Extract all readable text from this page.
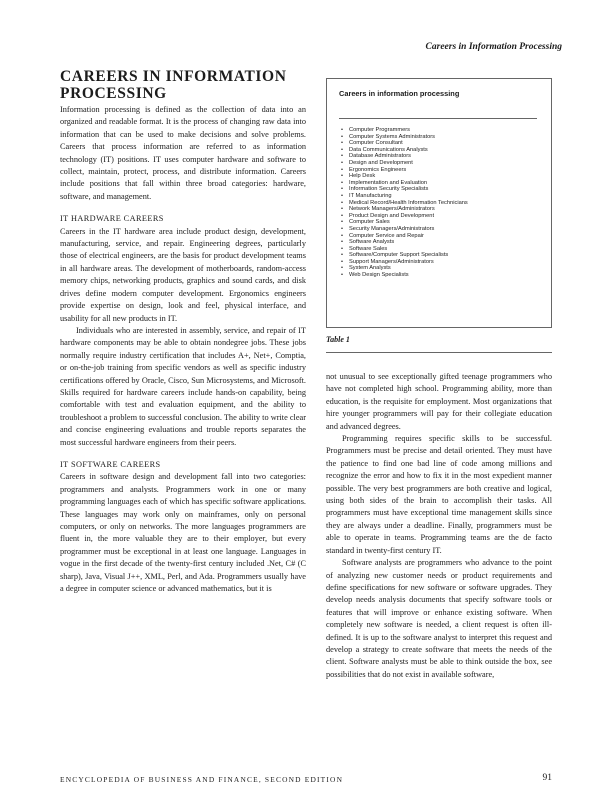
Careers in Information Processing
CAREERS IN INFORMATION PROCESSING

Information processing is defined as the collection of data into an organized and readable format. It is the process of changing raw data into information that can be used to make decisions and solve problems. Careers that process information are referred to as information technology (IT) positions. IT uses computer hardware and software to collect, maintain, protect, process, and distribute information. Careers include positions that fall within three broad categories: hardware, software, and management.

IT HARDWARE CAREERS

Careers in the IT hardware area include product design, development, manufacturing, service, and repair. Engineering degrees, particularly those of electrical engineers, are the basis for product development teams in all hardware areas. The development of motherboards, random-access memory chips, networking products, graphics and sound cards, and disk drives define modern computer development. Ergonomics engineers provide expertise on design, look and feel, physical interface, and usability for all new products in IT.

Individuals who are interested in assembly, service, and repair of IT hardware components may be able to obtain nondegree jobs. These jobs normally require industry certification that includes A+, Net+, Comptia, or on-the-job training from specific vendors as well as specific industry certifications offered by Oracle, Cisco, Sun Microsystems, and Microsoft. Skills required for hardware careers include hands-on capability, being comfortable with test and evaluation equipment, and the ability to troubleshoot a problem to successful conclusion. The ability to write clear and concise engineering evaluations and trouble reports separates the most successful hardware engineers from their peers.

IT SOFTWARE CAREERS

Careers in software design and development fall into two categories: programmers and analysts. Programmers work in one or many programming languages each of which has specific software applications. These languages may work only on mainframes, only on personal computers, or only on networks. The more languages programmers are fluent in, the more valuable they are to their employer, but every programmer must be exceptional in at least one language. Languages in vogue in the first decade of the twenty-first century included .Net, C# (C sharp), Java, Visual J++, XML, Perl, and Ada. Programmers usually have a degree in computer science or advanced mathematics, but it is

Careers in information processing
• Computer Programmers
• Computer Systems Administrators
• Computer Consultant
• Data Communications Analysts
• Database Administrators
• Design and Development
• Ergonomics Engineers
• Help Desk
• Implementation and Evaluation
• Information Security Specialists
• IT Manufacturing
• Medical Record/Health Information Technicians
• Network Managers/Administrators
• Product Design and Development
• Computer Sales
• Security Managers/Administrators
• Computer Service and Repair
• Software Analysts
• Software Sales
• Software/Computer Support Specialists
• Support Managers/Administrators
• System Analysts
• Web Design Specialists
Table 1

not unusual to see exceptionally gifted teenage programmers who have not completed high school. Programming ability, more than education, is the requisite for employment. Most organizations that hire younger programmers will pay for their collegiate education and advanced degrees.

Programming requires specific skills to be successful. Programmers must be precise and detail oriented. They must have the patience to find one bad line of code among millions and recognize the error and how to fix it in the most expedient manner possible. The very best programmers are both creative and logical, using both sides of the brain to accomplish their tasks. All programmers must have exceptional time management skills since they are always under a deadline. Finally, programmers must be able to operate in teams. Programming teams are the de facto standard in twenty-first century IT.

Software analysts are programmers who advance to the point of analyzing new customer needs or product requirements and define specifications for new software or software upgrades. They develop needs analysis documents that specify software tools or features that will improve or enhance existing software. When completely new software is needed, a client request is often ill-defined. It is up to the software analyst to interpret this request and develop a strategy to create software that meets the needs of the client. Software analysts must be able to think outside the box, see possibilities that do not exist in available software,

ENCYCLOPEDIA OF BUSINESS AND FINANCE, SECOND EDITION	91
